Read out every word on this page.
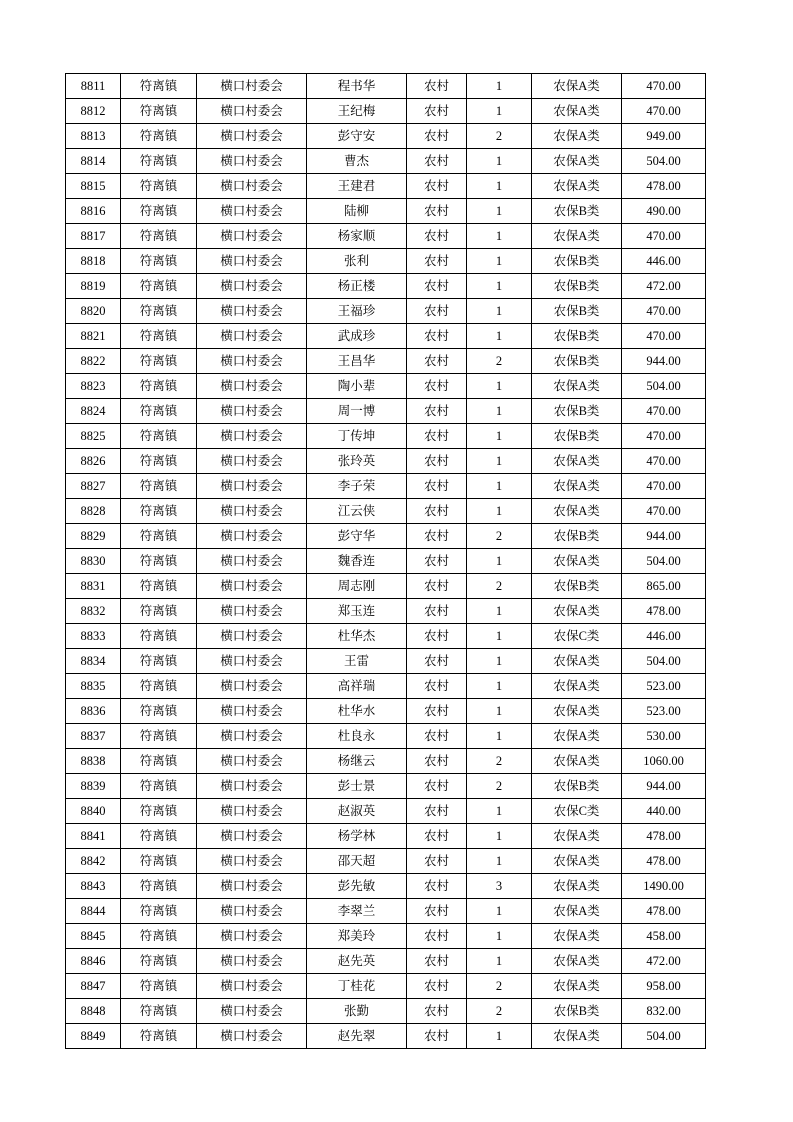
8811	符离镇	横口村委会	程书华	农村	1	农保A类	470.00
8812	符离镇	横口村委会	王纪梅	农村	1	农保A类	470.00
8813	符离镇	横口村委会	彭守安	农村	2	农保A类	949.00
8814	符离镇	横口村委会	曹杰	农村	1	农保A类	504.00
8815	符离镇	横口村委会	王建君	农村	1	农保A类	478.00
8816	符离镇	横口村委会	陆柳	农村	1	农保B类	490.00
8817	符离镇	横口村委会	杨家顺	农村	1	农保A类	470.00
8818	符离镇	横口村委会	张利	农村	1	农保B类	446.00
8819	符离镇	横口村委会	杨正楼	农村	1	农保B类	472.00
8820	符离镇	横口村委会	王福珍	农村	1	农保B类	470.00
8821	符离镇	横口村委会	武成珍	农村	1	农保B类	470.00
8822	符离镇	横口村委会	王昌华	农村	2	农保B类	944.00
8823	符离镇	横口村委会	陶小辈	农村	1	农保A类	504.00
8824	符离镇	横口村委会	周一博	农村	1	农保B类	470.00
8825	符离镇	横口村委会	丁传坤	农村	1	农保B类	470.00
8826	符离镇	横口村委会	张玲英	农村	1	农保A类	470.00
8827	符离镇	横口村委会	李子荣	农村	1	农保A类	470.00
8828	符离镇	横口村委会	江云侠	农村	1	农保A类	470.00
8829	符离镇	横口村委会	彭守华	农村	2	农保B类	944.00
8830	符离镇	横口村委会	魏香连	农村	1	农保A类	504.00
8831	符离镇	横口村委会	周志刚	农村	2	农保B类	865.00
8832	符离镇	横口村委会	郑玉连	农村	1	农保A类	478.00
8833	符离镇	横口村委会	杜华杰	农村	1	农保C类	446.00
8834	符离镇	横口村委会	王雷	农村	1	农保A类	504.00
8835	符离镇	横口村委会	高祥瑞	农村	1	农保A类	523.00
8836	符离镇	横口村委会	杜华水	农村	1	农保A类	523.00
8837	符离镇	横口村委会	杜良永	农村	1	农保A类	530.00
8838	符离镇	横口村委会	杨继云	农村	2	农保A类	1060.00
8839	符离镇	横口村委会	彭士景	农村	2	农保B类	944.00
8840	符离镇	横口村委会	赵淑英	农村	1	农保C类	440.00
8841	符离镇	横口村委会	杨学林	农村	1	农保A类	478.00
8842	符离镇	横口村委会	邵天超	农村	1	农保A类	478.00
8843	符离镇	横口村委会	彭先敏	农村	3	农保A类	1490.00
8844	符离镇	横口村委会	李翠兰	农村	1	农保A类	478.00
8845	符离镇	横口村委会	郑美玲	农村	1	农保A类	458.00
8846	符离镇	横口村委会	赵先英	农村	1	农保A类	472.00
8847	符离镇	横口村委会	丁桂花	农村	2	农保A类	958.00
8848	符离镇	横口村委会	张勤	农村	2	农保B类	832.00
8849	符离镇	横口村委会	赵先翠	农村	1	农保A类	504.00
